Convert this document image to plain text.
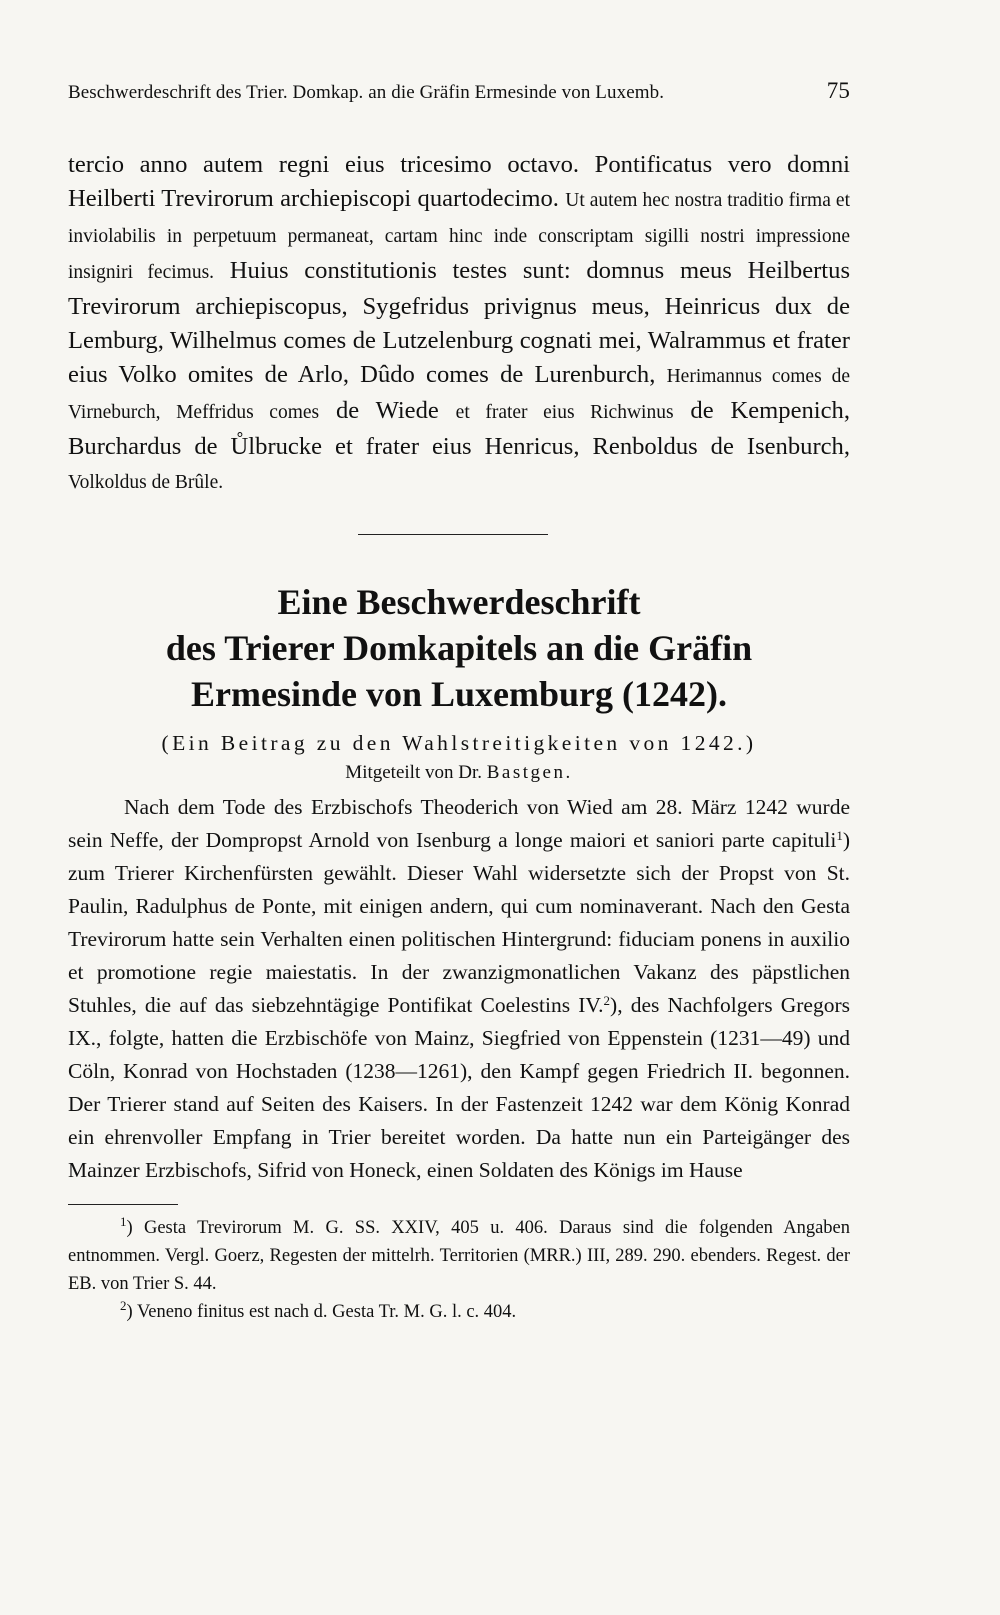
Beschwerdeschrift des Trier. Domkap. an die Gräfin Ermesinde von Luxemb.	75

tercio anno autem regni eius tricesimo octavo. Pontificatus vero domni Heilberti Trevirorum archiepiscopi quartodecimo. Ut autem hec nostra traditio firma et inviolabilis in perpetuum permaneat, cartam hinc inde conscriptam sigilli nostri impressione insigniri fecimus. Huius constitutionis testes sunt: domnus meus Heilbertus Trevirorum archiepiscopus, Sygefridus privignus meus, Heinricus dux de Lemburg, Wilhelmus comes de Lutzelenburg cognati mei, Walrammus et frater eius Volko omites de Arlo, Dûdo comes de Lurenburch, Herimannus comes de Virneburch, Meffridus comes de Wiede et frater eius Richwinus de Kempenich, Burchardus de Ůlbrucke et frater eius Henricus, Renboldus de Isenburch, Volkoldus de Brûle.

Eine Beschwerdeschrift
des Trierer Domkapitels an die Gräfin
Ermesinde von Luxemburg (1242).
(Ein Beitrag zu den Wahlstreitigkeiten von 1242.)
Mitgeteilt von Dr. Bastgen.

Nach dem Tode des Erzbischofs Theoderich von Wied am 28. März 1242 wurde sein Neffe, der Dompropst Arnold von Isenburg a longe maiori et saniori parte capituli$^1$) zum Trierer Kirchenfürsten gewählt. Dieser Wahl widersetzte sich der Propst von St. Paulin, Radulphus de Ponte, mit einigen andern, qui cum nominaverant. Nach den Gesta Trevirorum hatte sein Verhalten einen politischen Hintergrund: fiduciam ponens in auxilio et promotione regie maiestatis. In der zwanzigmonatlichen Vakanz des päpstlichen Stuhles, die auf das siebzehntägige Pontifikat Coelestins IV.$^2$), des Nachfolgers Gregors IX., folgte, hatten die Erzbischöfe von Mainz, Siegfried von Eppenstein (1231—49) und Cöln, Konrad von Hochstaden (1238—1261), den Kampf gegen Friedrich II. begonnen. Der Trierer stand auf Seiten des Kaisers. In der Fastenzeit 1242 war dem König Konrad ein ehrenvoller Empfang in Trier bereitet worden. Da hatte nun ein Parteigänger des Mainzer Erzbischofs, Sifrid von Honeck, einen Soldaten des Königs im Hause

$^1$) Gesta Trevirorum M. G. SS. XXIV, 405 u. 406. Daraus sind die folgenden Angaben entnommen. Vergl. Goerz, Regesten der mittelrh. Territorien (MRR.) III, 289. 290. ebenders. Regest. der EB. von Trier S. 44.

$^2$) Veneno finitus est nach d. Gesta Tr. M. G. l. c. 404.
